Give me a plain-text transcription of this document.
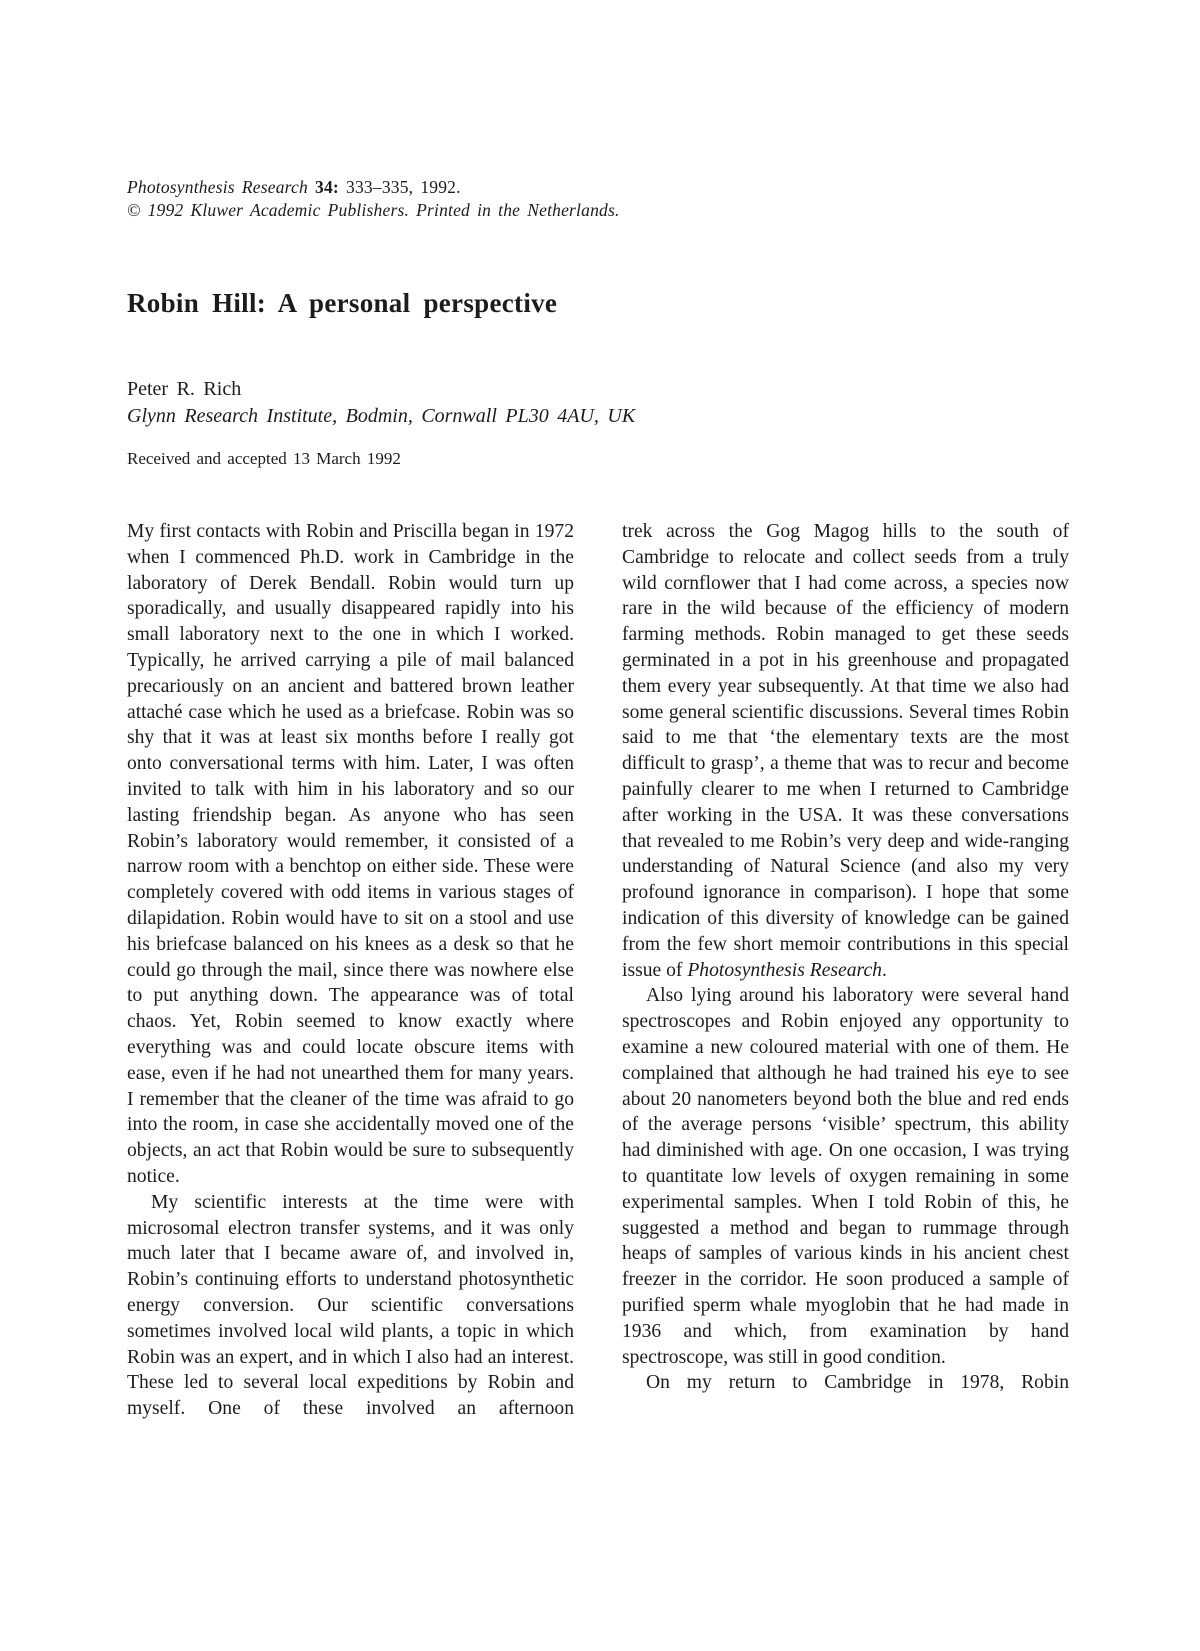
Photosynthesis Research 34: 333–335, 1992.
© 1992 Kluwer Academic Publishers. Printed in the Netherlands.
Robin Hill: A personal perspective
Peter R. Rich
Glynn Research Institute, Bodmin, Cornwall PL30 4AU, UK
Received and accepted 13 March 1992

My first contacts with Robin and Priscilla began in 1972 when I commenced Ph.D. work in Cambridge in the laboratory of Derek Bendall. Robin would turn up sporadically, and usually disappeared rapidly into his small laboratory next to the one in which I worked. Typically, he arrived carrying a pile of mail balanced precariously on an ancient and battered brown leather attaché case which he used as a briefcase. Robin was so shy that it was at least six months before I really got onto conversational terms with him. Later, I was often invited to talk with him in his laboratory and so our lasting friendship began. As anyone who has seen Robin’s laboratory would remember, it consisted of a narrow room with a benchtop on either side. These were completely covered with odd items in various stages of dilapidation. Robin would have to sit on a stool and use his briefcase balanced on his knees as a desk so that he could go through the mail, since there was nowhere else to put anything down. The appearance was of total chaos. Yet, Robin seemed to know exactly where everything was and could locate obscure items with ease, even if he had not unearthed them for many years. I remember that the cleaner of the time was afraid to go into the room, in case she accidentally moved one of the objects, an act that Robin would be sure to subsequently notice.

My scientific interests at the time were with microsomal electron transfer systems, and it was only much later that I became aware of, and involved in, Robin’s continuing efforts to understand photosynthetic energy conversion. Our scientific conversations sometimes involved local wild plants, a topic in which Robin was an expert, and in which I also had an interest. These led to several local expeditions by Robin and myself. One of these involved an afternoon

trek across the Gog Magog hills to the south of Cambridge to relocate and collect seeds from a truly wild cornflower that I had come across, a species now rare in the wild because of the efficiency of modern farming methods. Robin managed to get these seeds germinated in a pot in his greenhouse and propagated them every year subsequently. At that time we also had some general scientific discussions. Several times Robin said to me that ‘the elementary texts are the most difficult to grasp’, a theme that was to recur and become painfully clearer to me when I returned to Cambridge after working in the USA. It was these conversations that revealed to me Robin’s very deep and wide-ranging understanding of Natural Science (and also my very profound ignorance in comparison). I hope that some indication of this diversity of knowledge can be gained from the few short memoir contributions in this special issue of Photosynthesis Research.

Also lying around his laboratory were several hand spectroscopes and Robin enjoyed any opportunity to examine a new coloured material with one of them. He complained that although he had trained his eye to see about 20 nanometers beyond both the blue and red ends of the average persons ‘visible’ spectrum, this ability had diminished with age. On one occasion, I was trying to quantitate low levels of oxygen remaining in some experimental samples. When I told Robin of this, he suggested a method and began to rummage through heaps of samples of various kinds in his ancient chest freezer in the corridor. He soon produced a sample of purified sperm whale myoglobin that he had made in 1936 and which, from examination by hand spectroscope, was still in good condition.

On my return to Cambridge in 1978, Robin
